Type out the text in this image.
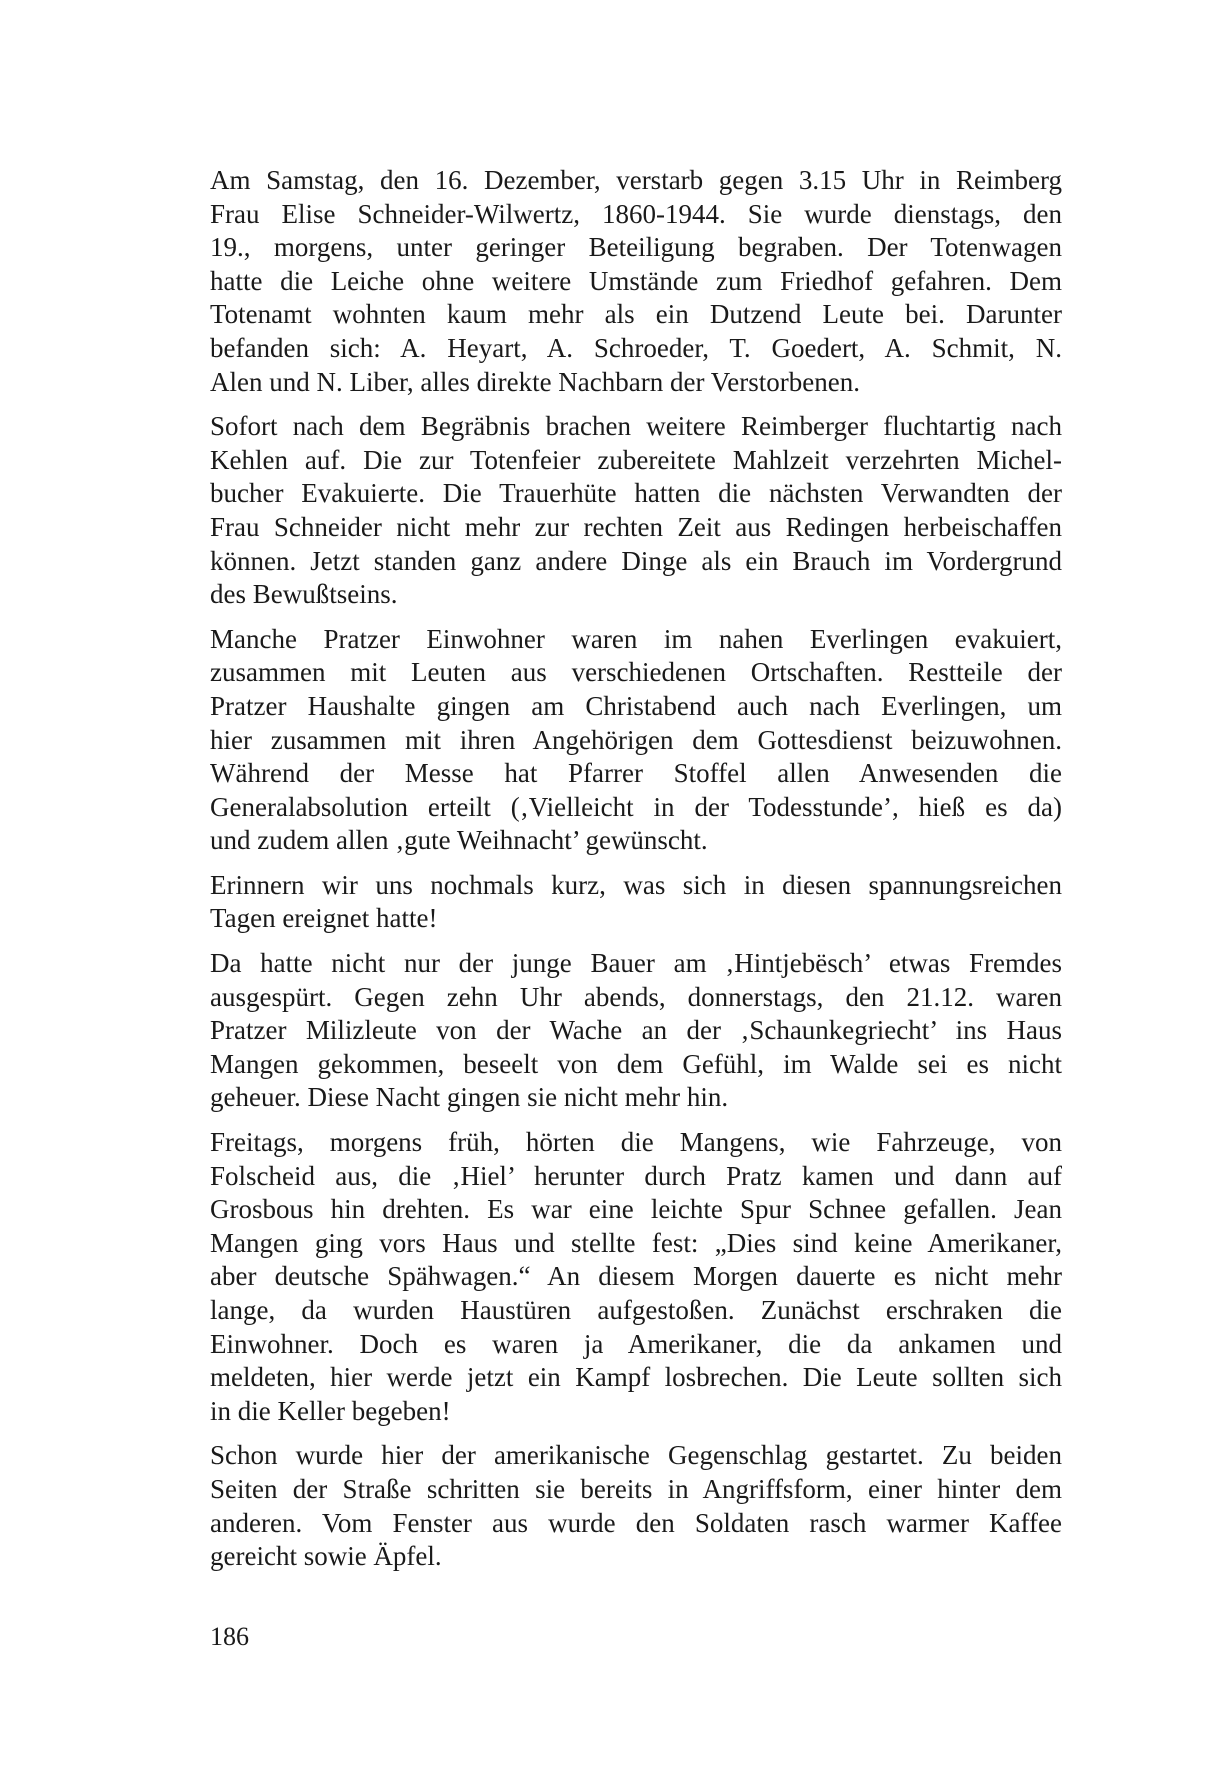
Am Samstag, den 16. Dezember, verstarb gegen 3.15 Uhr in Reimberg
Frau Elise Schneider-Wilwertz, 1860-1944. Sie wurde dienstags, den
19., morgens, unter geringer Beteiligung begraben. Der Totenwagen
hatte die Leiche ohne weitere Umstände zum Friedhof gefahren. Dem
Totenamt wohnten kaum mehr als ein Dutzend Leute bei. Darunter
befanden sich: A. Heyart, A. Schroeder, T. Goedert, A. Schmit, N.
Alen und N. Liber, alles direkte Nachbarn der Verstorbenen.

Sofort nach dem Begräbnis brachen weitere Reimberger fluchtartig nach
Kehlen auf. Die zur Totenfeier zubereitete Mahlzeit verzehrten Michel-
bucher Evakuierte. Die Trauerhüte hatten die nächsten Verwandten der
Frau Schneider nicht mehr zur rechten Zeit aus Redingen herbeischaffen
können. Jetzt standen ganz andere Dinge als ein Brauch im Vordergrund
des Bewußtseins.

Manche Pratzer Einwohner waren im nahen Everlingen evakuiert,
zusammen mit Leuten aus verschiedenen Ortschaften. Restteile der
Pratzer Haushalte gingen am Christabend auch nach Everlingen, um
hier zusammen mit ihren Angehörigen dem Gottesdienst beizuwohnen.
Während der Messe hat Pfarrer Stoffel allen Anwesenden die
Generalabsolution erteilt (‚Vielleicht in der Todesstunde’, hieß es da)
und zudem allen ‚gute Weihnacht’ gewünscht.

Erinnern wir uns nochmals kurz, was sich in diesen spannungsreichen
Tagen ereignet hatte!

Da hatte nicht nur der junge Bauer am ‚Hintjebësch’ etwas Fremdes
ausgespürt. Gegen zehn Uhr abends, donnerstags, den 21.12. waren
Pratzer Milizleute von der Wache an der ‚Schaunkegriecht’ ins Haus
Mangen gekommen, beseelt von dem Gefühl, im Walde sei es nicht
geheuer. Diese Nacht gingen sie nicht mehr hin.

Freitags, morgens früh, hörten die Mangens, wie Fahrzeuge, von
Folscheid aus, die ‚Hiel’ herunter durch Pratz kamen und dann auf
Grosbous hin drehten. Es war eine leichte Spur Schnee gefallen. Jean
Mangen ging vors Haus und stellte fest: „Dies sind keine Amerikaner,
aber deutsche Spähwagen.“ An diesem Morgen dauerte es nicht mehr
lange, da wurden Haustüren aufgestoßen. Zunächst erschraken die
Einwohner. Doch es waren ja Amerikaner, die da ankamen und
meldeten, hier werde jetzt ein Kampf losbrechen. Die Leute sollten sich
in die Keller begeben!

Schon wurde hier der amerikanische Gegenschlag gestartet. Zu beiden
Seiten der Straße schritten sie bereits in Angriffsform, einer hinter dem
anderen. Vom Fenster aus wurde den Soldaten rasch warmer Kaffee
gereicht sowie Äpfel.

186
